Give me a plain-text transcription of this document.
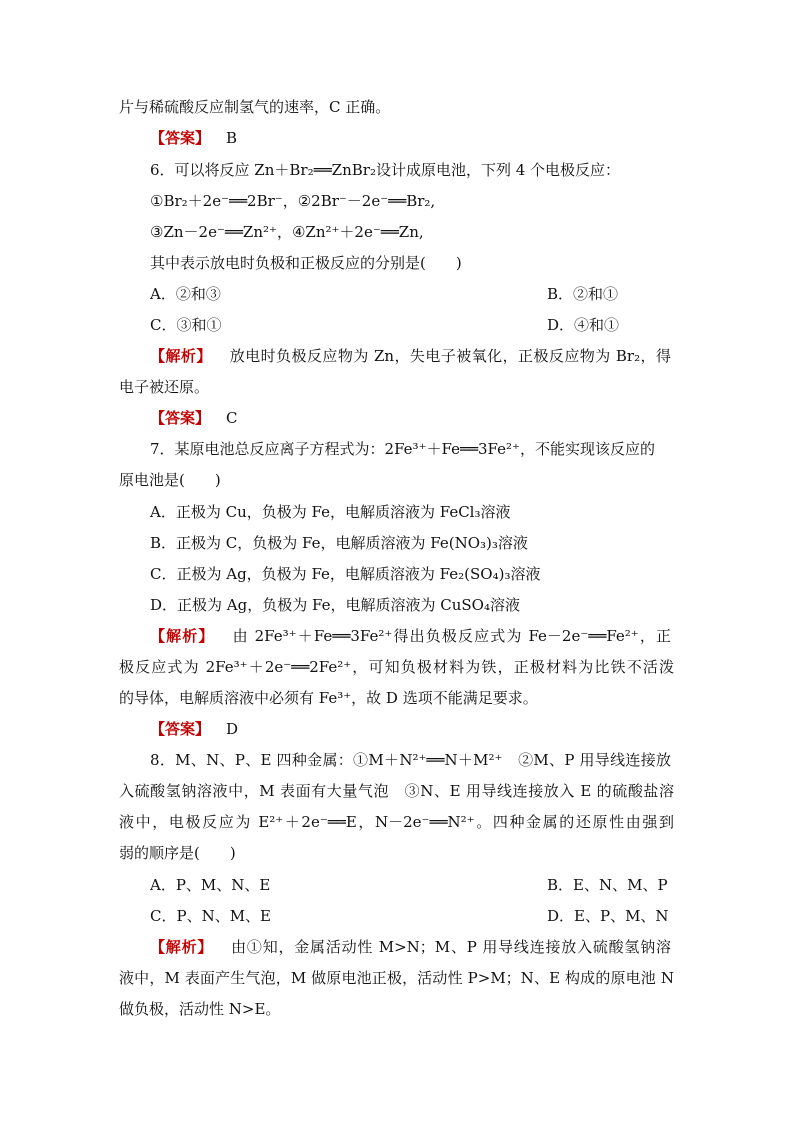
片与稀硫酸反应制氢气的速率，C 正确。
【答案】 B
6．可以将反应 Zn＋Br₂══ZnBr₂设计成原电池，下列 4 个电极反应：
①Br₂＋2e⁻══2Br⁻，②2Br⁻－2e⁻══Br₂,
③Zn－2e⁻══Zn²⁺，④Zn²⁺＋2e⁻══Zn,
其中表示放电时负极和正极反应的分别是(　　)
A．②和③	B．②和①
C．③和①	D．④和①
【解析】 放电时负极反应物为 Zn，失电子被氧化，正极反应物为 Br₂，得
电子被还原。
【答案】 C
7．某原电池总反应离子方程式为：2Fe³⁺＋Fe══3Fe²⁺，不能实现该反应的
原电池是(　　)
A．正极为 Cu，负极为 Fe，电解质溶液为 FeCl₃溶液
B．正极为 C，负极为 Fe，电解质溶液为 Fe(NO₃)₃溶液
C．正极为 Ag，负极为 Fe，电解质溶液为 Fe₂(SO₄)₃溶液
D．正极为 Ag，负极为 Fe，电解质溶液为 CuSO₄溶液
【解析】 由 2Fe³⁺＋Fe══3Fe²⁺得出负极反应式为 Fe－2e⁻══Fe²⁺，正
极反应式为 2Fe³⁺＋2e⁻══2Fe²⁺，可知负极材料为铁，正极材料为比铁不活泼
的导体，电解质溶液中必须有 Fe³⁺，故 D 选项不能满足要求。
【答案】 D
8．M、N、P、E 四种金属：①M＋N²⁺══N＋M²⁺　②M、P 用导线连接放
入硫酸氢钠溶液中，M 表面有大量气泡　③N、E 用导线连接放入 E 的硫酸盐溶
液中，电极反应为 E²⁺＋2e⁻══E，N－2e⁻══N²⁺。四种金属的还原性由强到
弱的顺序是(　　)
A．P、M、N、E	B．E、N、M、P
C．P、N、M、E	D．E、P、M、N
【解析】 由①知，金属活动性 M>N；M、P 用导线连接放入硫酸氢钠溶
液中，M 表面产生气泡，M 做原电池正极，活动性 P>M；N、E 构成的原电池 N
做负极，活动性 N>E。
